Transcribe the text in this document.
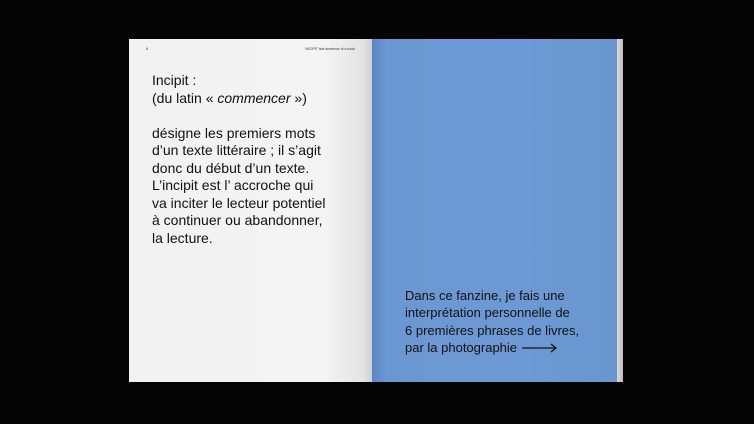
6	INCIPIT first sentence of a book

Incipit :

(du latin « commencer »)

désigne les premiers mots

d’un texte littéraire ; il s’agit

donc du début d’un texte.

L’incipit est l’ accroche qui

va inciter le lecteur potentiel

à continuer ou abandonner,

la lecture.

Dans ce fanzine, je fais une
interprétation personnelle de
6 premières phrases de livres,
par la photographie
